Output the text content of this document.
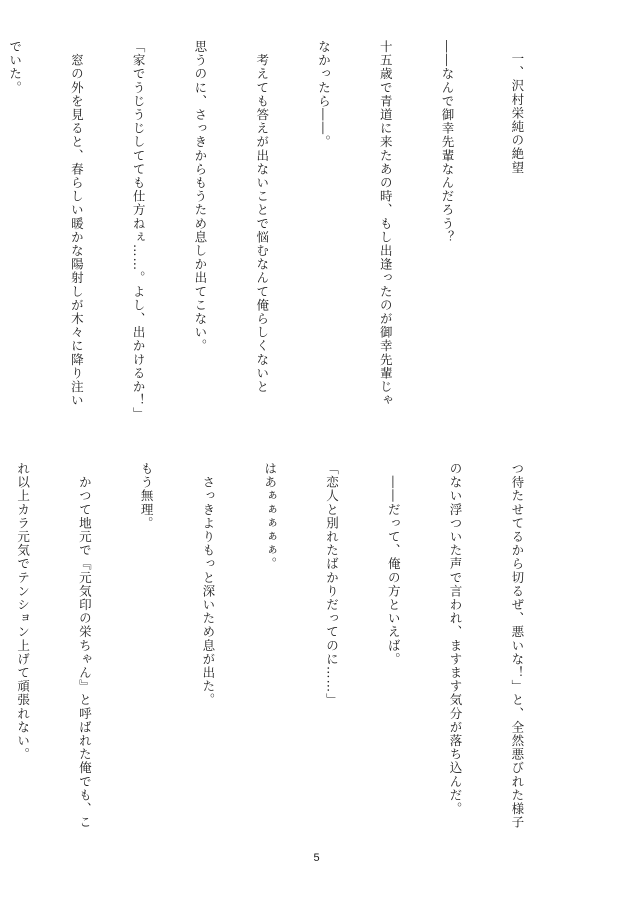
一、沢村栄純の絶望

――なんで御幸先輩なんだろう？

十五歳で青道に来たあの時、もし出逢ったのが御幸先輩じゃ

なかったら――。

　考えても答えが出ないことで悩むなんて俺らしくないと

思うのに、さっきからもうため息しか出てこない。

「家でうじうじしてても仕方ねぇ……。よし、出かけるか！」

　窓の外を見ると、春らしい暖かな陽射しが木々に降り注い

でいた。

つ待たせてるから切るぜ、悪いな！」と、全然悪びれた様子

のない浮ついた声で言われ、ますます気分が落ち込んだ。

　――だって、俺の方といえば。

「恋人と別れたばかりだってのに……」

はあぁぁぁぁぁ。

　さっきよりもっと深いため息が出た。

もう無理。

　かつて地元で『元気印の栄ちゃん』と呼ばれた俺でも、こ

れ以上カラ元気でテンション上げて頑張れない。

5
